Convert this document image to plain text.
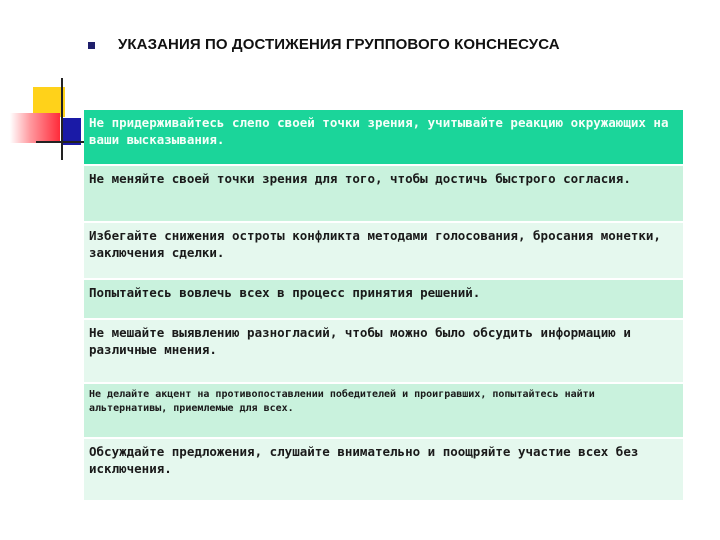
УКАЗАНИЯ ПО ДОСТИЖЕНИЯ ГРУППОВОГО КОНСНЕСУСА
Не придерживайтесь слепо своей точки зрения, учитывайте реакцию окружающих на ваши высказывания.
Не меняйте своей точки зрения для того, чтобы достичь быстрого согласия.
Избегайте снижения остроты конфликта методами голосования, бросания монетки, заключения сделки.
Попытайтесь вовлечь всех в процесс принятия решений.
Не мешайте выявлению разногласий, чтобы можно было обсудить информацию и различные мнения.
Не делайте акцент на противопоставлении победителей и проигравших, попытайтесь найти альтернативы, приемлемые для всех.
Обсуждайте предложения, слушайте внимательно и поощряйте участие всех без исключения.
